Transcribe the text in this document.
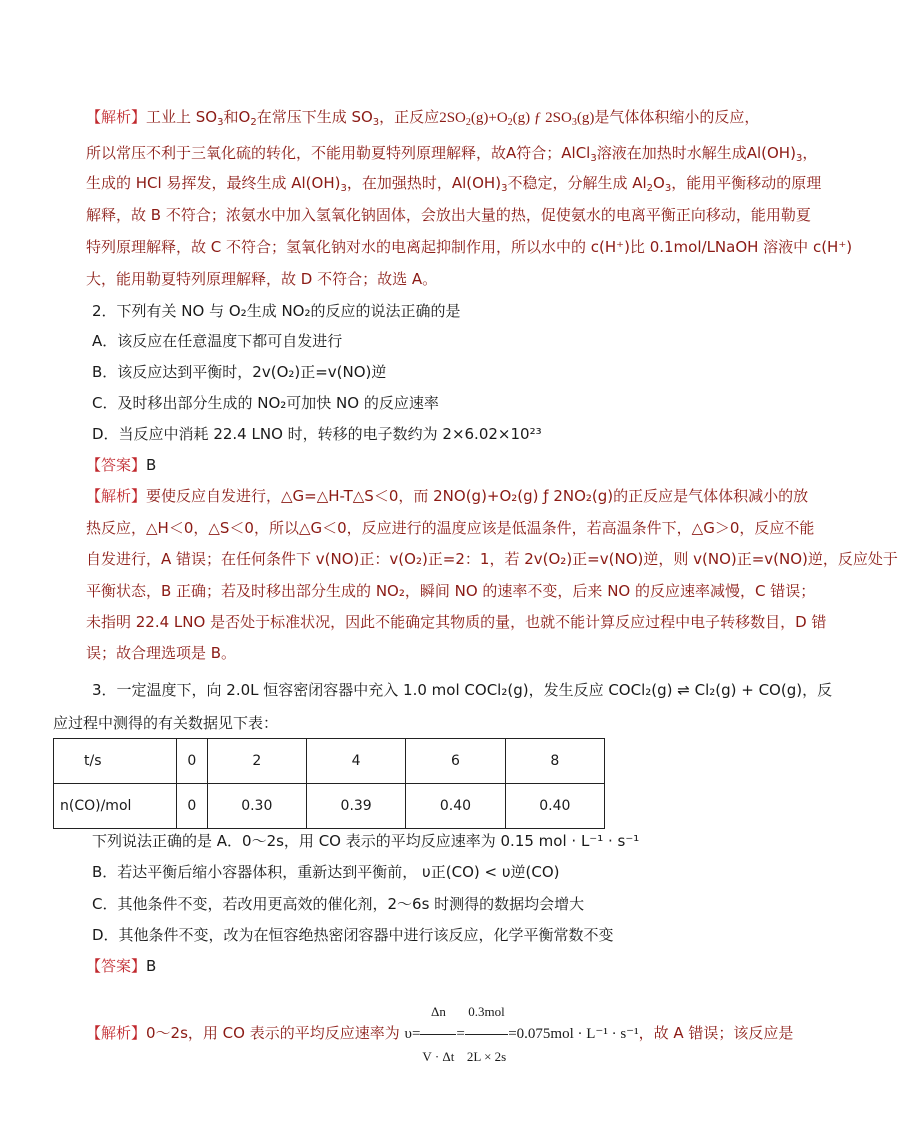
【解析】工业上 $SO_3$和$O_2$在常压下生成 $SO_3$，正反应$2SO_2(g)+O_2(g)$ ƒ $2SO_3(g)$是气体体积缩小的反应，
所以常压不利于三氧化硫的转化，不能用勒夏特列原理解释，故A符合；AlCl$_3$溶液在加热时水解生成$Al(OH)_3$，
生成的 HCl 易挥发，最终生成 $Al(OH)_3$，在加强热时，$Al(OH)_3$不稳定，分解生成 $Al_2O_3$，能用平衡移动的原理
解释，故 B 不符合；浓氨水中加入氢氧化钠固体，会放出大量的热，促使氨水的电离平衡正向移动，能用勒夏
特列原理解释，故 C 不符合；氢氧化钠对水的电离起抑制作用，所以水中的 c(H⁺)比 0.1mol/LNaOH 溶液中 c(H⁺)
大，能用勒夏特列原理解释，故 D 不符合；故选 A。
2．下列有关 NO 与 O₂生成 NO₂的反应的说法正确的是
A．该反应在任意温度下都可自发进行
B．该反应达到平衡时，2v(O₂)正=v(NO)逆
C．及时移出部分生成的 NO₂可加快 NO 的反应速率
D．当反应中消耗 22.4 LNO 时，转移的电子数约为 2×6.02×10²³
【答案】B
【解析】要使反应自发进行，△G=△H-T△S＜0，而 2NO(g)+O₂(g) ƒ 2NO₂(g)的正反应是气体体积减小的放
热反应，△H＜0，△S＜0，所以△G＜0，反应进行的温度应该是低温条件，若高温条件下，△G＞0，反应不能
自发进行，A 错误；在任何条件下 v(NO)正：v(O₂)正=2：1，若 2v(O₂)正=v(NO)逆，则 v(NO)正=v(NO)逆，反应处于
平衡状态，B 正确；若及时移出部分生成的 NO₂，瞬间 NO 的速率不变，后来 NO 的反应速率减慢，C 错误；
未指明 22.4 LNO 是否处于标准状况，因此不能确定其物质的量，也就不能计算反应过程中电子转移数目，D 错
误；故合理选项是 B。
3．一定温度下，向 2.0L 恒容密闭容器中充入 1.0 mol COCl₂(g)，发生反应 COCl₂(g) ⇌ Cl₂(g) + CO(g)，反
应过程中测得的有关数据见下表：
t/s	0	2	4	6	8
n(CO)/mol	0	0.30	0.39	0.40	0.40
下列说法正确的是 A．0～2s，用 CO 表示的平均反应速率为 0.15 mol · L⁻¹ · s⁻¹
B．若达平衡后缩小容器体积，重新达到平衡前， υ正(CO) < υ逆(CO)
C．其他条件不变，若改用更高效的催化剂，2～6s 时测得的数据均会增大
D．其他条件不变，改为在恒容绝热密闭容器中进行该反应，化学平衡常数不变
【答案】B
【解析】0～2s，用 CO 表示的平均反应速率为 $\upsilon= \frac{\Delta n}{V \cdot \Delta t} = \frac{\text{0.3mol}}{2L \times 2s} =0.075mol \cdot L^{-1} \cdot s^{-1}$，故 A 错误；该反应是
